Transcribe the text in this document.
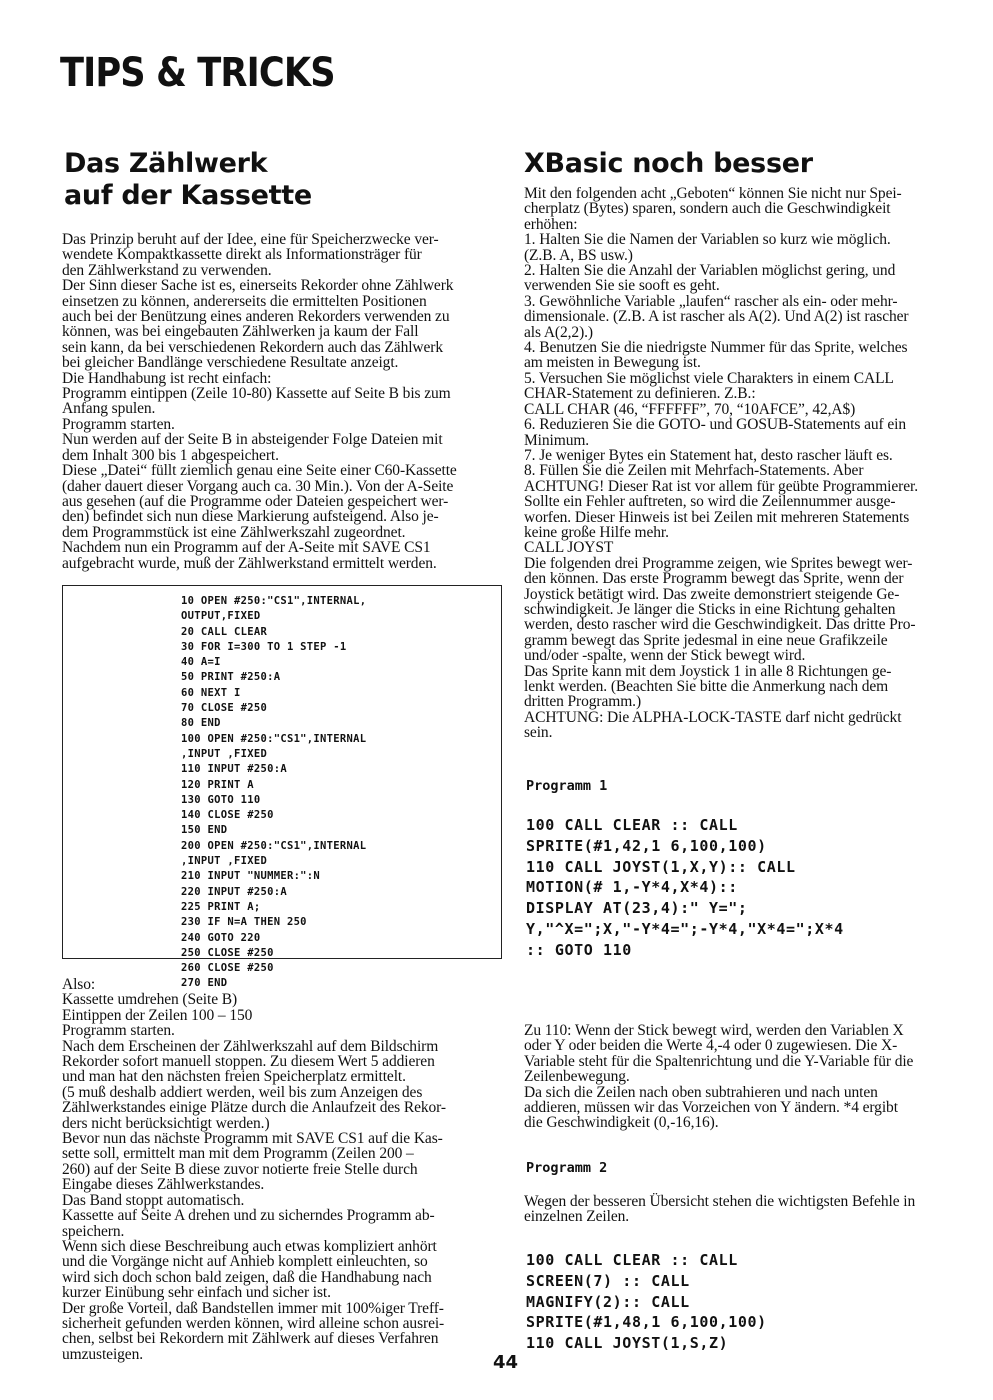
TIPS & TRICKS
Das Zählwerk
auf der Kassette
Das Prinzip beruht auf der Idee, eine für Speicherzwecke ver-
wendete Kompaktkassette direkt als Informationsträger für
den Zählwerkstand zu verwenden.
Der Sinn dieser Sache ist es, einerseits Rekorder ohne Zählwerk
einsetzen zu können, andererseits die ermittelten Positionen
auch bei der Benützung eines anderen Rekorders verwenden zu
können, was bei eingebauten Zählwerken ja kaum der Fall
sein kann, da bei verschiedenen Rekordern auch das Zählwerk
bei gleicher Bandlänge verschiedene Resultate anzeigt.
Die Handhabung ist recht einfach:
Programm eintippen (Zeile 10-80) Kassette auf Seite B bis zum
Anfang spulen.
Programm starten.
Nun werden auf der Seite B in absteigender Folge Dateien mit
dem Inhalt 300 bis 1 abgespeichert.
Diese „Datei“ füllt ziemlich genau eine Seite einer C60-Kassette
(daher dauert dieser Vorgang auch ca. 30 Min.). Von der A-Seite
aus gesehen (auf die Programme oder Dateien gespeichert wer-
den) befindet sich nun diese Markierung aufsteigend. Also je-
dem Programmstück ist eine Zählwerkszahl zugeordnet.
Nachdem nun ein Programm auf der A-Seite mit SAVE CS1
aufgebracht wurde, muß der Zählwerkstand ermittelt werden.
10 OPEN #250:"CS1",INTERNAL,
OUTPUT,FIXED
20 CALL CLEAR
30 FOR I=300 TO 1 STEP -1
40 A=I
50 PRINT #250:A
60 NEXT I
70 CLOSE #250
80 END
100 OPEN #250:"CS1",INTERNAL
,INPUT ,FIXED
110 INPUT #250:A
120 PRINT A
130 GOTO 110
140 CLOSE #250
150 END
200 OPEN #250:"CS1",INTERNAL
,INPUT ,FIXED
210 INPUT "NUMMER:":N
220 INPUT #250:A
225 PRINT A;
230 IF N=A THEN 250
240 GOTO 220
250 CLOSE #250
260 CLOSE #250
270 END
Also:
Kassette umdrehen (Seite B)
Eintippen der Zeilen 100 – 150
Programm starten.
Nach dem Erscheinen der Zählwerkszahl auf dem Bildschirm
Rekorder sofort manuell stoppen. Zu diesem Wert 5 addieren
und man hat den nächsten freien Speicherplatz ermittelt.
(5 muß deshalb addiert werden, weil bis zum Anzeigen des
Zählwerkstandes einige Plätze durch die Anlaufzeit des Rekor-
ders nicht berücksichtigt werden.)
Bevor nun das nächste Programm mit SAVE CS1 auf die Kas-
sette soll, ermittelt man mit dem Programm (Zeilen 200 –
260) auf der Seite B diese zuvor notierte freie Stelle durch
Eingabe dieses Zählwerkstandes.
Das Band stoppt automatisch.
Kassette auf Seite A drehen und zu sicherndes Programm ab-
speichern.
Wenn sich diese Beschreibung auch etwas kompliziert anhört
und die Vorgänge nicht auf Anhieb komplett einleuchten, so
wird sich doch schon bald zeigen, daß die Handhabung nach
kurzer Einübung sehr einfach und sicher ist.
Der große Vorteil, daß Bandstellen immer mit 100%iger Treff-
sicherheit gefunden werden können, wird alleine schon ausrei-
chen, selbst bei Rekordern mit Zählwerk auf dieses Verfahren
umzusteigen.
XBasic noch besser
Mit den folgenden acht „Geboten“ können Sie nicht nur Spei-
cherplatz (Bytes) sparen, sondern auch die Geschwindigkeit
erhöhen:
1. Halten Sie die Namen der Variablen so kurz wie möglich.
(Z.B. A, BS usw.)
2. Halten Sie die Anzahl der Variablen möglichst gering, und
verwenden Sie sie sooft es geht.
3. Gewöhnliche Variable „laufen“ rascher als ein- oder mehr-
dimensionale. (Z.B. A ist rascher als A(2). Und A(2) ist rascher
als A(2,2).)
4. Benutzen Sie die niedrigste Nummer für das Sprite, welches
am meisten in Bewegung ist.
5. Versuchen Sie möglichst viele Charakters in einem CALL
CHAR-Statement zu definieren. Z.B.:
CALL CHAR (46, “FFFFFF”, 70, “10AFCE”, 42,A$)
6. Reduzieren Sie die GOTO- und GOSUB-Statements auf ein
Minimum.
7. Je weniger Bytes ein Statement hat, desto rascher läuft es.
8. Füllen Sie die Zeilen mit Mehrfach-Statements. Aber
ACHTUNG! Dieser Rat ist vor allem für geübte Programmierer.
Sollte ein Fehler auftreten, so wird die Zeilennummer ausge-
worfen. Dieser Hinweis ist bei Zeilen mit mehreren Statements
keine große Hilfe mehr.
CALL JOYST
Die folgenden drei Programme zeigen, wie Sprites bewegt wer-
den können. Das erste Programm bewegt das Sprite, wenn der
Joystick betätigt wird. Das zweite demonstriert steigende Ge-
schwindigkeit. Je länger die Sticks in eine Richtung gehalten
werden, desto rascher wird die Geschwindigkeit. Das dritte Pro-
gramm bewegt das Sprite jedesmal in eine neue Grafikzeile
und/oder -spalte, wenn der Stick bewegt wird.
Das Sprite kann mit dem Joystick 1 in alle 8 Richtungen ge-
lenkt werden. (Beachten Sie bitte die Anmerkung nach dem
dritten Programm.)
ACHTUNG: Die ALPHA-LOCK-TASTE darf nicht gedrückt
sein.
Programm 1
100 CALL CLEAR :: CALL
SPRITE(#1,42,1 6,100,100)
110 CALL JOYST(1,X,Y):: CALL
MOTION(# 1,-Y*4,X*4)::
DISPLAY AT(23,4):" Y=";
Y,"^X=";X,"-Y*4=";-Y*4,"X*4=";X*4
:: GOTO 110
Zu 110: Wenn der Stick bewegt wird, werden den Variablen X
oder Y oder beiden die Werte 4,-4 oder 0 zugewiesen. Die X-
Variable steht für die Spaltenrichtung und die Y-Variable für die
Zeilenbewegung.
Da sich die Zeilen nach oben subtrahieren und nach unten
addieren, müssen wir das Vorzeichen von Y ändern. *4 ergibt
die Geschwindigkeit (0,-16,16).
Programm 2
Wegen der besseren Übersicht stehen die wichtigsten Befehle in
einzelnen Zeilen.
100 CALL CLEAR :: CALL
SCREEN(7) :: CALL
MAGNIFY(2):: CALL
SPRITE(#1,48,1 6,100,100)
110 CALL JOYST(1,S,Z)
44
